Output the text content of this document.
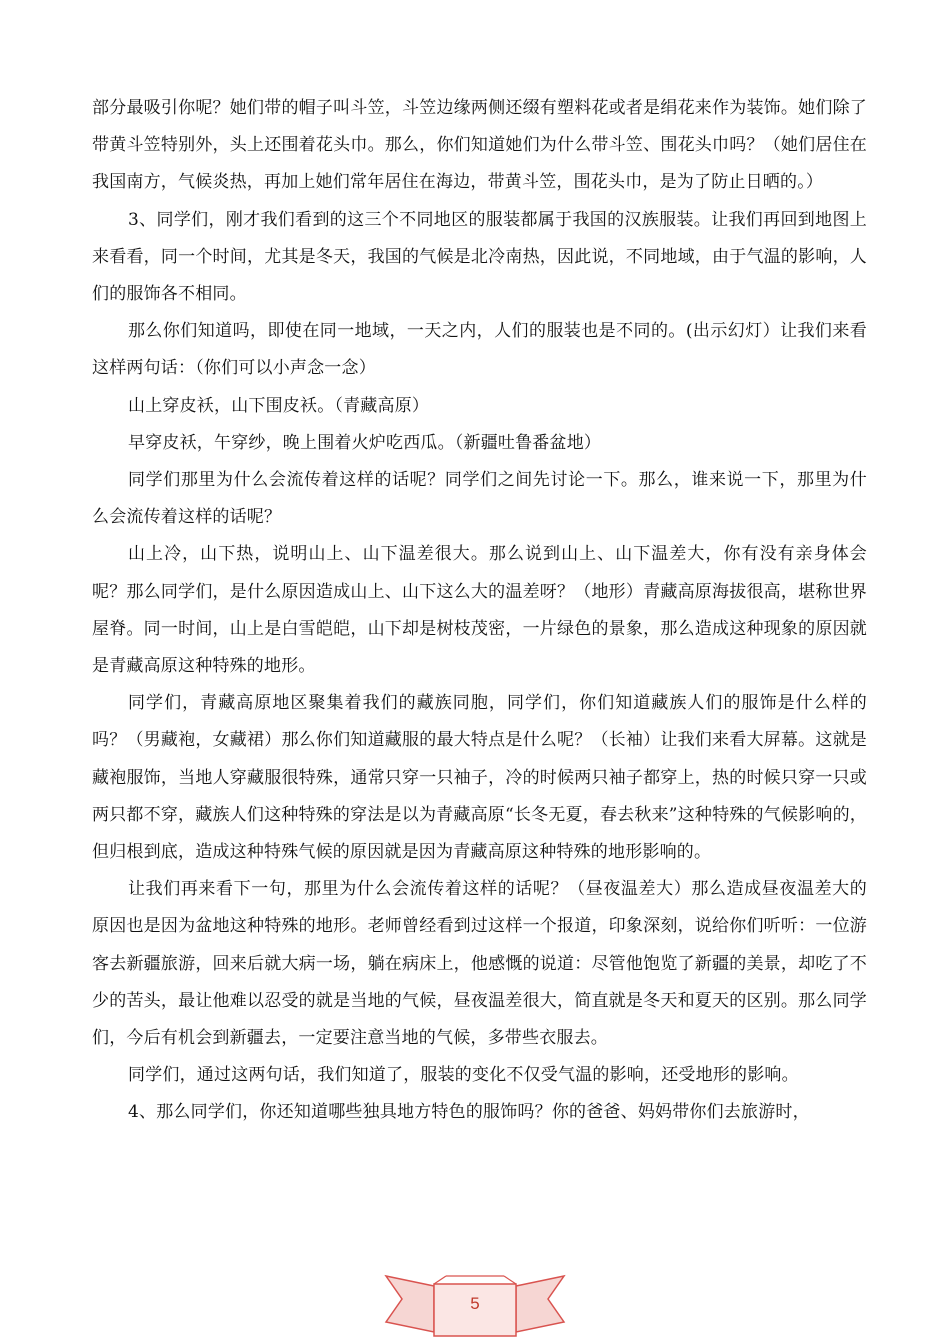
部分最吸引你呢？她们带的帽子叫斗笠，斗笠边缘两侧还缀有塑料花或者是绢花来作为装饰。她们除了带黄斗笠特别外，头上还围着花头巾。那么，你们知道她们为什么带斗笠、围花头巾吗？（她们居住在我国南方，气候炎热，再加上她们常年居住在海边，带黄斗笠，围花头巾，是为了防止日晒的。）

3、同学们，刚才我们看到的这三个不同地区的服装都属于我国的汉族服装。让我们再回到地图上来看看，同一个时间，尤其是冬天，我国的气候是北冷南热，因此说，不同地域，由于气温的影响，人们的服饰各不相同。

那么你们知道吗，即使在同一地域，一天之内，人们的服装也是不同的。(出示幻灯）让我们来看这样两句话：（你们可以小声念一念）

山上穿皮袄，山下围皮袄。（青藏高原）

早穿皮袄，午穿纱，晚上围着火炉吃西瓜。（新疆吐鲁番盆地）

同学们那里为什么会流传着这样的话呢？同学们之间先讨论一下。那么，谁来说一下，那里为什么会流传着这样的话呢？

山上冷，山下热，说明山上、山下温差很大。那么说到山上、山下温差大，你有没有亲身体会呢？那么同学们，是什么原因造成山上、山下这么大的温差呀？（地形）青藏高原海拔很高，堪称世界屋脊。同一时间，山上是白雪皑皑，山下却是树枝茂密，一片绿色的景象，那么造成这种现象的原因就是青藏高原这种特殊的地形。

同学们，青藏高原地区聚集着我们的藏族同胞，同学们，你们知道藏族人们的服饰是什么样的吗？（男藏袍，女藏裙）那么你们知道藏服的最大特点是什么呢？（长袖）让我们来看大屏幕。这就是藏袍服饰，当地人穿藏服很特殊，通常只穿一只袖子，冷的时候两只袖子都穿上，热的时候只穿一只或两只都不穿，藏族人们这种特殊的穿法是以为青藏高原“长冬无夏，春去秋来”这种特殊的气候影响的，但归根到底，造成这种特殊气候的原因就是因为青藏高原这种特殊的地形影响的。

让我们再来看下一句，那里为什么会流传着这样的话呢？（昼夜温差大）那么造成昼夜温差大的原因也是因为盆地这种特殊的地形。老师曾经看到过这样一个报道，印象深刻，说给你们听听：一位游客去新疆旅游，回来后就大病一场，躺在病床上，他感慨的说道：尽管他饱览了新疆的美景，却吃了不少的苦头，最让他难以忍受的就是当地的气候，昼夜温差很大，简直就是冬天和夏天的区别。那么同学们，今后有机会到新疆去，一定要注意当地的气候，多带些衣服去。

同学们，通过这两句话，我们知道了，服装的变化不仅受气温的影响，还受地形的影响。

4、那么同学们，你还知道哪些独具地方特色的服饰吗？你的爸爸、妈妈带你们去旅游时，

5
